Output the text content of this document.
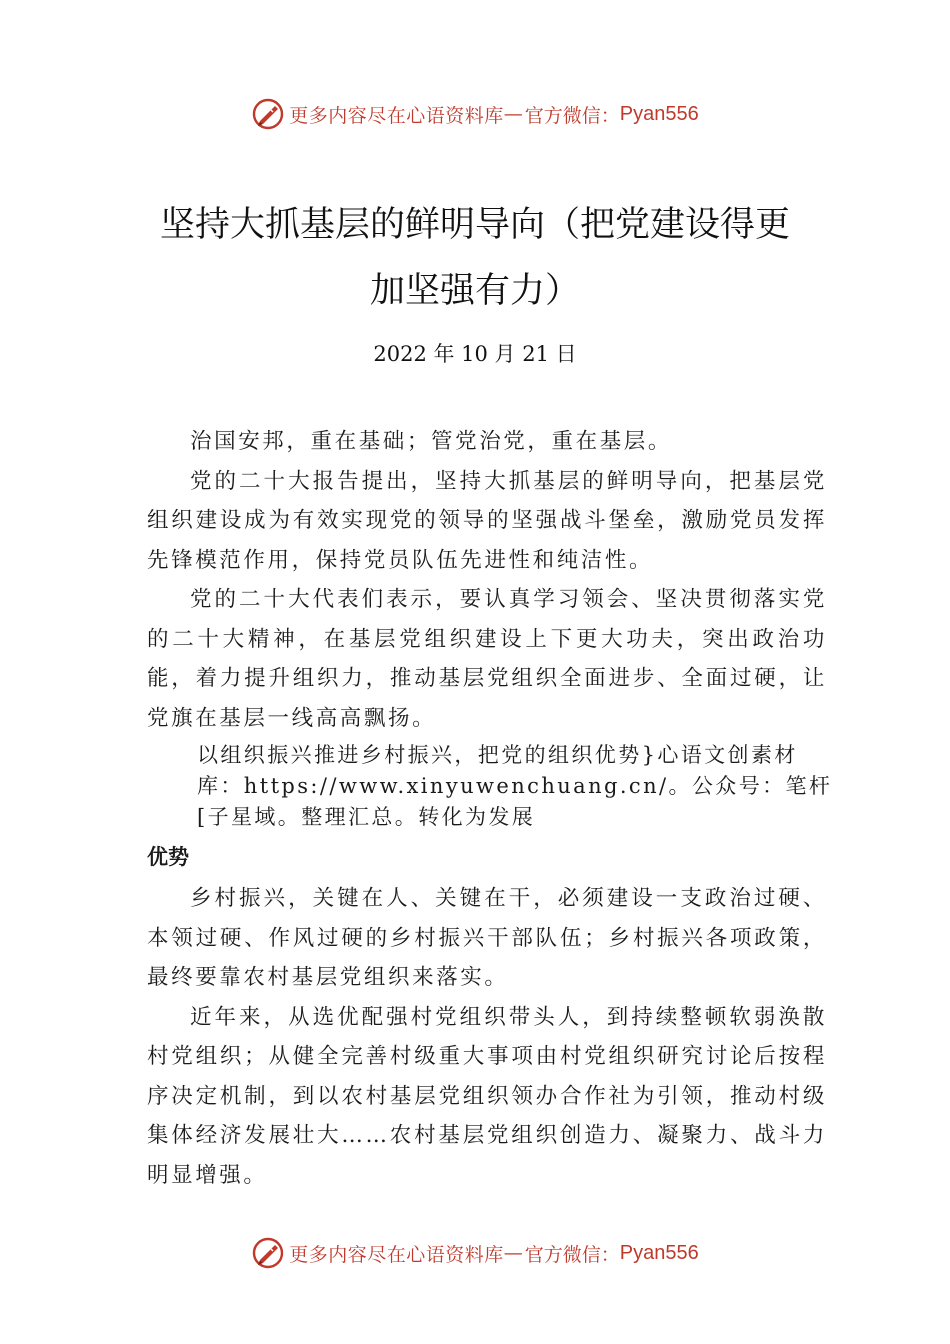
更多内容尽在心语资料库 — 官方微信： Pyan556
坚持大抓基层的鲜明导向（把党建设得更
加坚强有力）
2022 年 10 月 21 日

治国安邦，重在基础；管党治党，重在基层。

党的二十大报告提出，坚持大抓基层的鲜明导向，把基层党组织建设成为有效实现党的领导的坚强战斗堡垒，激励党员发挥先锋模范作用，保持党员队伍先进性和纯洁性。

党的二十大代表们表示，要认真学习领会、坚决贯彻落实党的二十大精神，在基层党组织建设上下更大功夫，突出政治功能，着力提升组织力，推动基层党组织全面进步、全面过硬，让党旗在基层一线高高飘扬。

以组织振兴推进乡村振兴，把党的组织优势}心语文创素材库：https://www.xinyuwenchuang.cn/。公众号：笔杆[子星域。整理汇总。转化为发展
优势

乡村振兴，关键在人、关键在干，必须建设一支政治过硬、本领过硬、作风过硬的乡村振兴干部队伍；乡村振兴各项政策，最终要靠农村基层党组织来落实。

近年来，从选优配强村党组织带头人，到持续整顿软弱涣散村党组织；从健全完善村级重大事项由村党组织研究讨论后按程序决定机制，到以农村基层党组织领办合作社为引领，推动村级集体经济发展壮大……农村基层党组织创造力、凝聚力、战斗力明显增强。

更多内容尽在心语资料库 — 官方微信： Pyan556
